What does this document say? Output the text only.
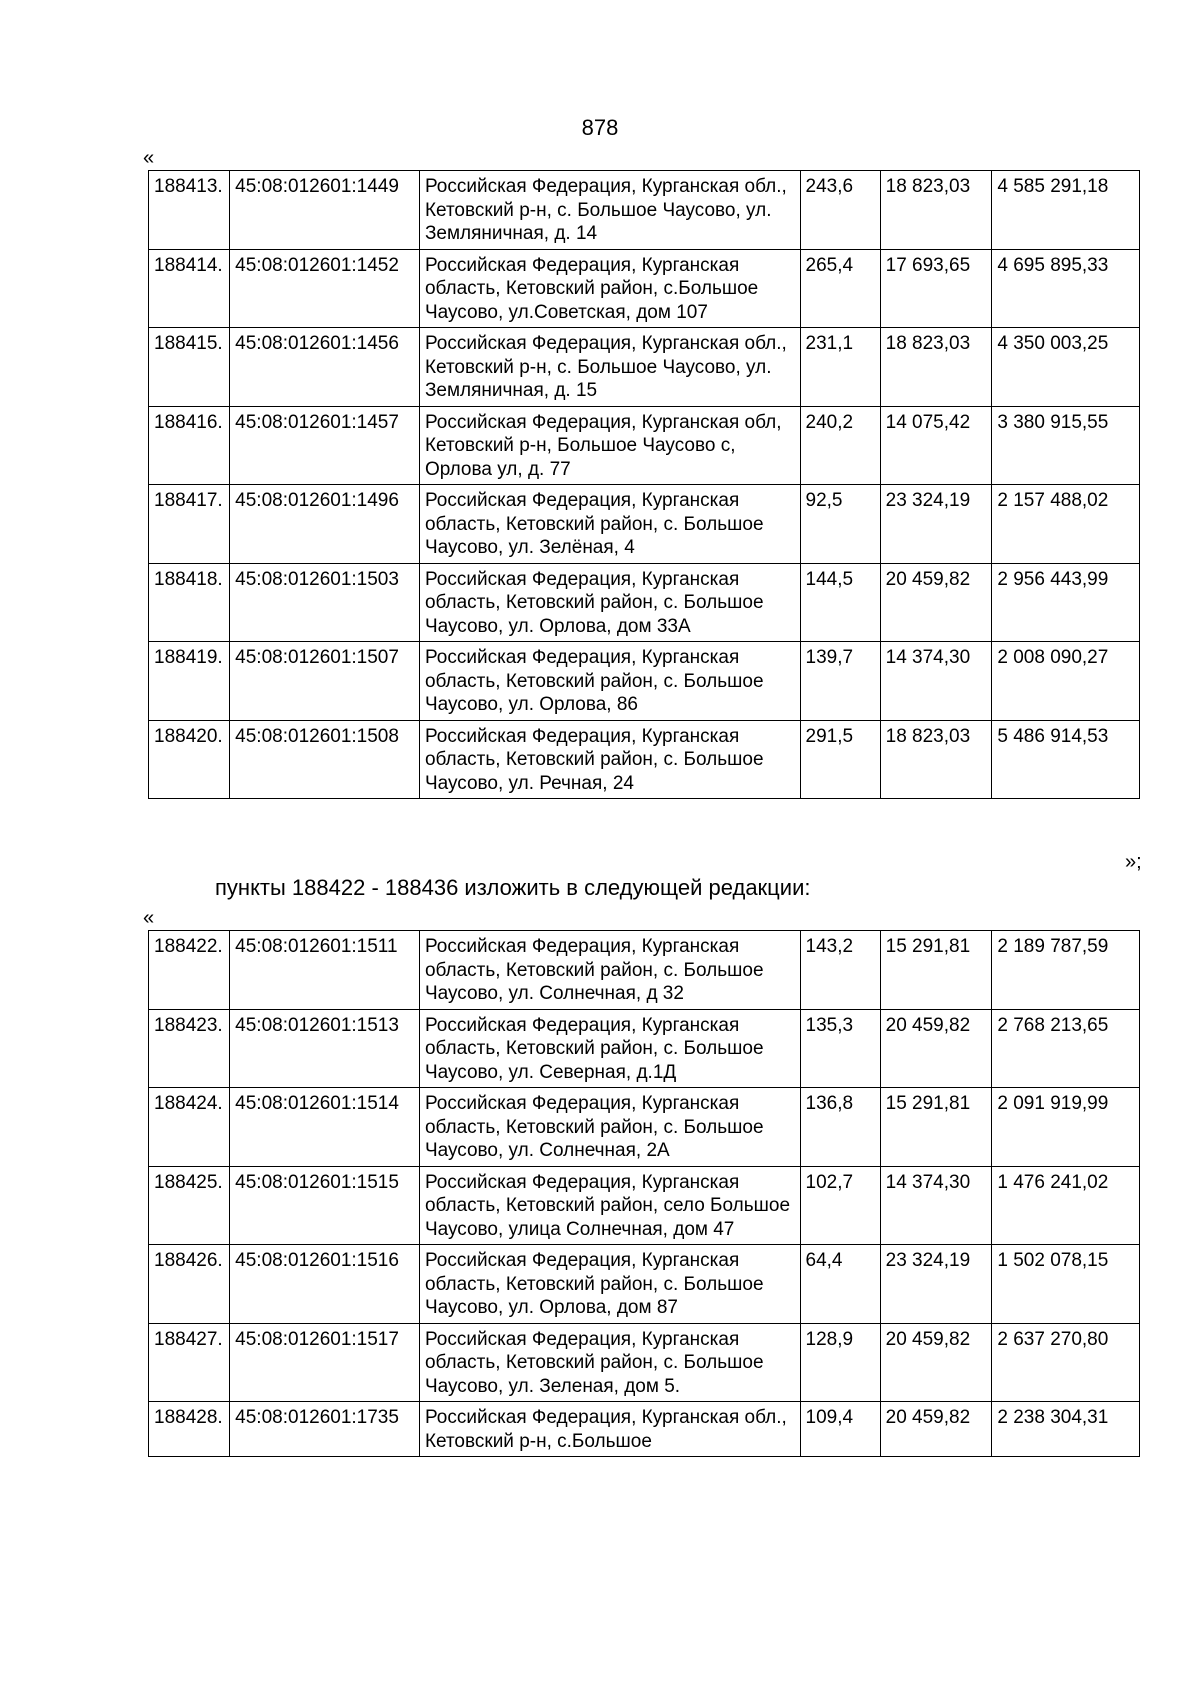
878
«
188413.	45:08:012601:1449	Российская Федерация, Курганская обл., Кетовский р-н, с. Большое Чаусово, ул. Земляничная, д. 14	243,6	18 823,03	4 585 291,18
188414.	45:08:012601:1452	Российская Федерация, Курганская область, Кетовский район, с.Большое Чаусово, ул.Советская, дом 107	265,4	17 693,65	4 695 895,33
188415.	45:08:012601:1456	Российская Федерация, Курганская обл., Кетовский р-н, с. Большое Чаусово, ул. Земляничная, д. 15	231,1	18 823,03	4 350 003,25
188416.	45:08:012601:1457	Российская Федерация, Курганская обл, Кетовский р-н, Большое Чаусово с, Орлова ул, д. 77	240,2	14 075,42	3 380 915,55
188417.	45:08:012601:1496	Российская Федерация, Курганская область, Кетовский район, с. Большое Чаусово, ул. Зелёная, 4	92,5	23 324,19	2 157 488,02
188418.	45:08:012601:1503	Российская Федерация, Курганская область, Кетовский район, с. Большое Чаусово, ул. Орлова, дом 33А	144,5	20 459,82	2 956 443,99
188419.	45:08:012601:1507	Российская Федерация, Курганская область, Кетовский район, с. Большое Чаусово, ул. Орлова, 86	139,7	14 374,30	2 008 090,27
188420.	45:08:012601:1508	Российская Федерация, Курганская область, Кетовский район, с. Большое Чаусово, ул. Речная, 24	291,5	18 823,03	5 486 914,53
»;
пункты 188422 - 188436 изложить в следующей редакции:
«
188422.	45:08:012601:1511	Российская Федерация, Курганская область, Кетовский район, с. Большое Чаусово, ул. Солнечная, д 32	143,2	15 291,81	2 189 787,59
188423.	45:08:012601:1513	Российская Федерация, Курганская область, Кетовский район, с. Большое Чаусово, ул. Северная, д.1Д	135,3	20 459,82	2 768 213,65
188424.	45:08:012601:1514	Российская Федерация, Курганская область, Кетовский район, с. Большое Чаусово, ул. Солнечная, 2А	136,8	15 291,81	2 091 919,99
188425.	45:08:012601:1515	Российская Федерация, Курганская область, Кетовский район, село Большое Чаусово, улица Солнечная, дом 47	102,7	14 374,30	1 476 241,02
188426.	45:08:012601:1516	Российская Федерация, Курганская область, Кетовский район, с. Большое Чаусово, ул. Орлова, дом 87	64,4	23 324,19	1 502 078,15
188427.	45:08:012601:1517	Российская Федерация, Курганская область, Кетовский район, с. Большое Чаусово, ул. Зеленая, дом 5.	128,9	20 459,82	2 637 270,80
188428.	45:08:012601:1735	Российская Федерация, Курганская обл., Кетовский р-н, с.Большое	109,4	20 459,82	2 238 304,31
